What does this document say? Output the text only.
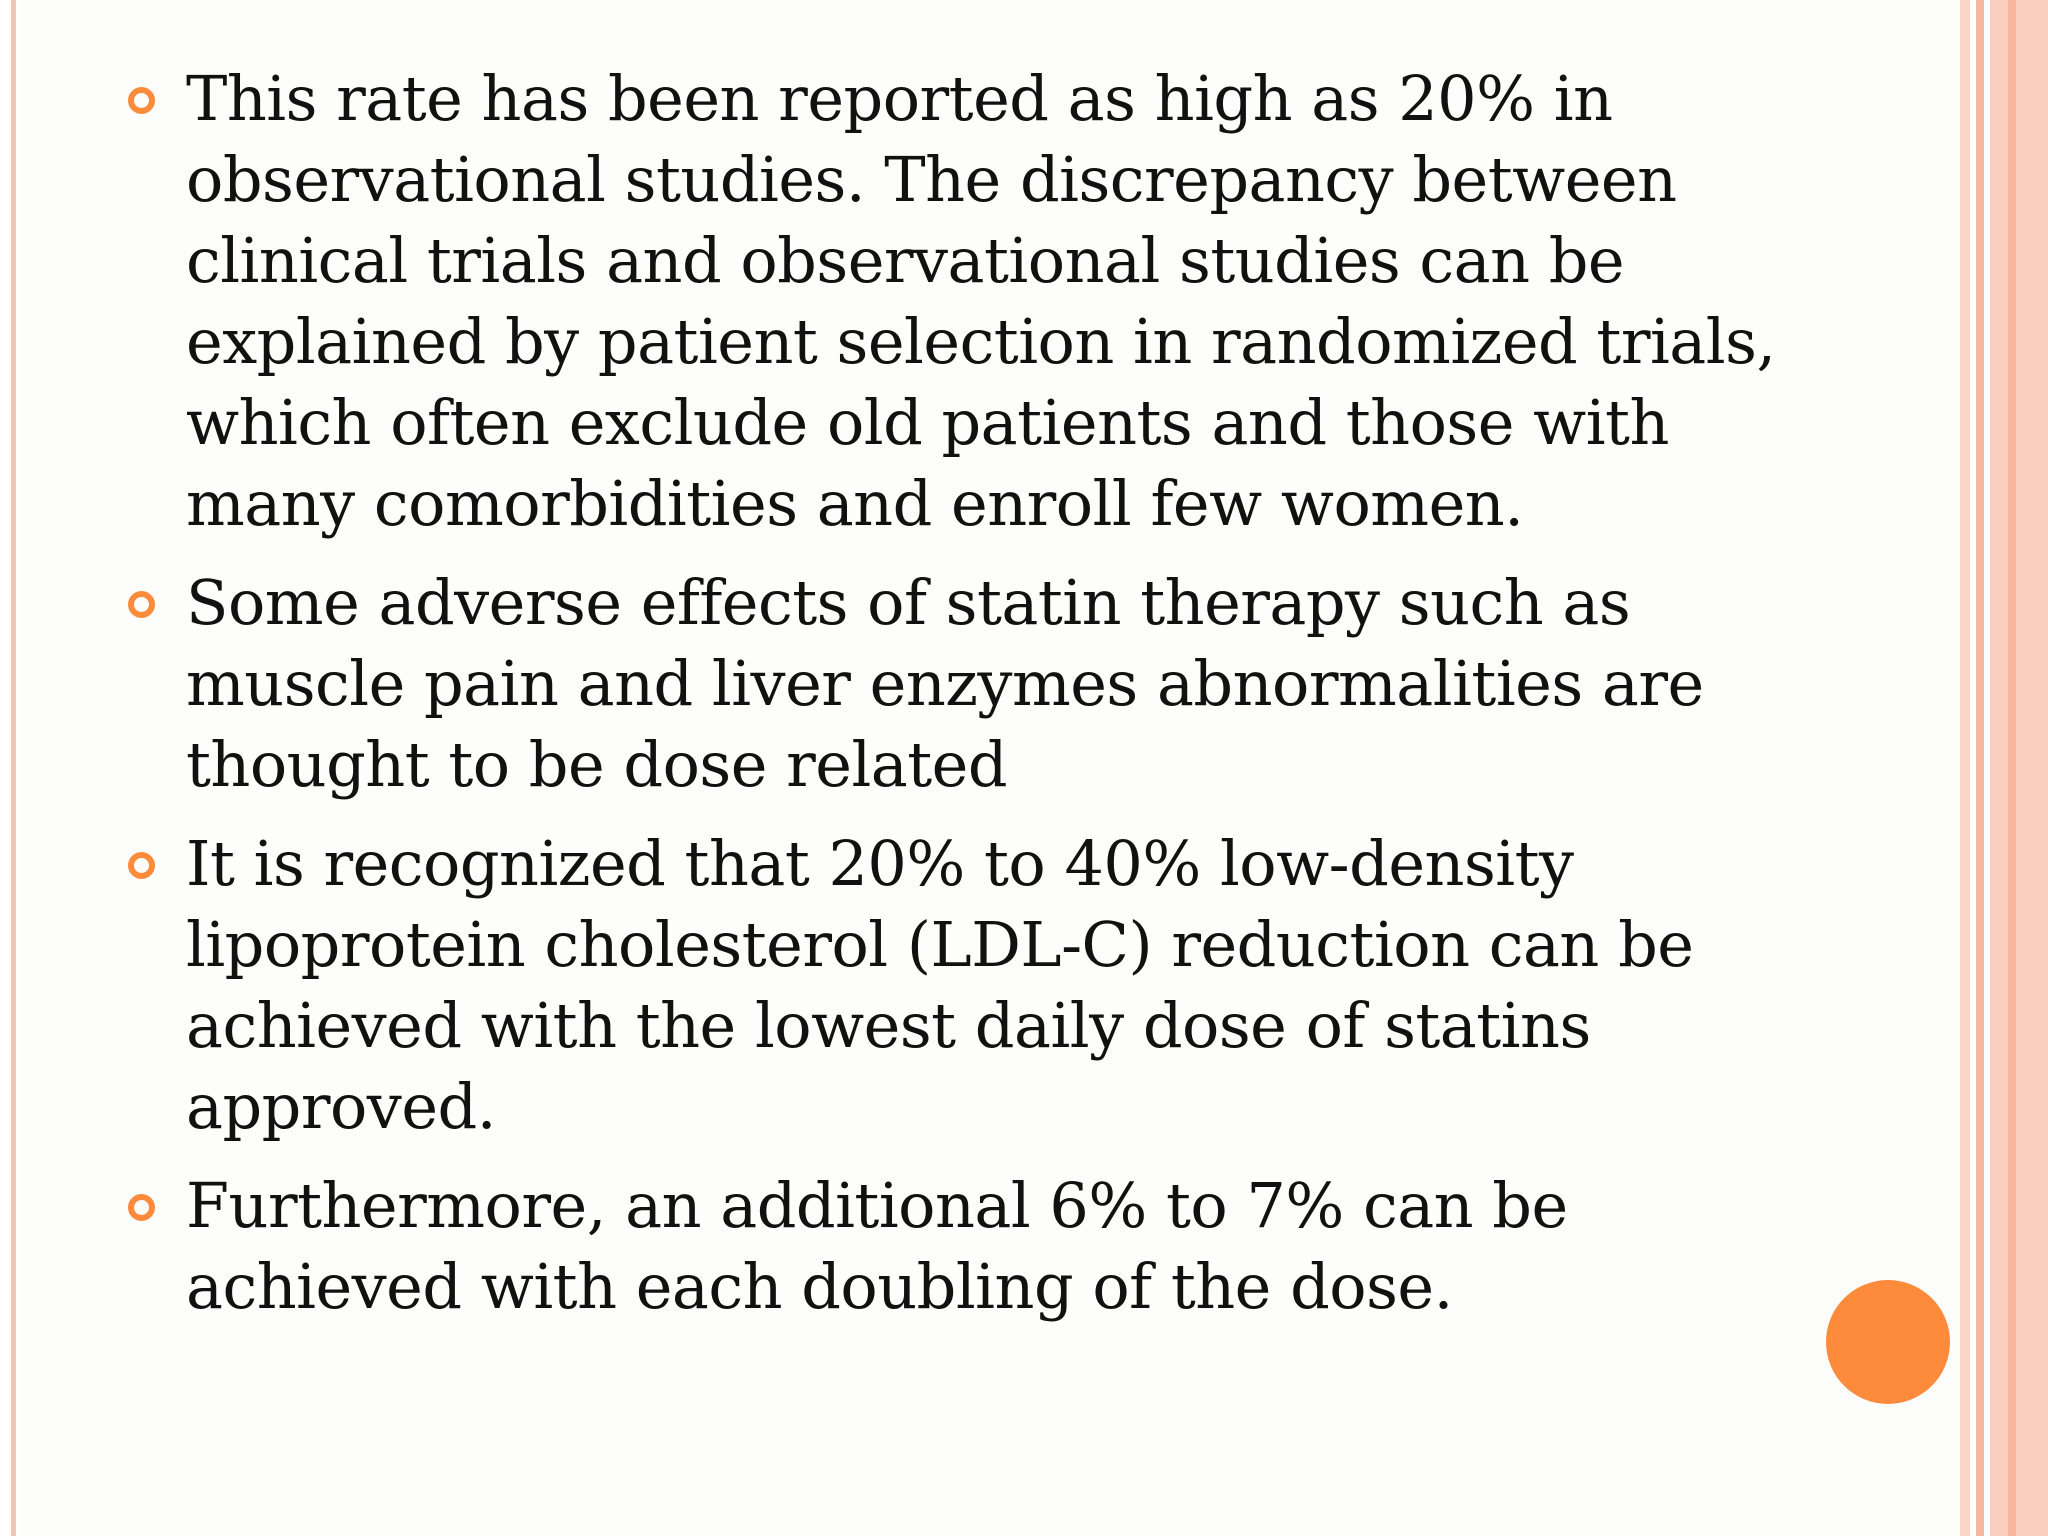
This rate has been reported as high as 20% in observational studies. The discrepancy between clinical trials and observational studies can be explained by patient selection in randomized trials, which often exclude old patients and those with many comorbidities and enroll few women.
Some adverse effects of statin therapy such as muscle pain and liver enzymes abnormalities are thought to be dose related
It is recognized that 20% to 40% low-density lipoprotein cholesterol (LDL-C) reduction can be achieved with the lowest daily dose of statins approved.
Furthermore, an additional 6% to 7% can be achieved with each doubling of the dose.
